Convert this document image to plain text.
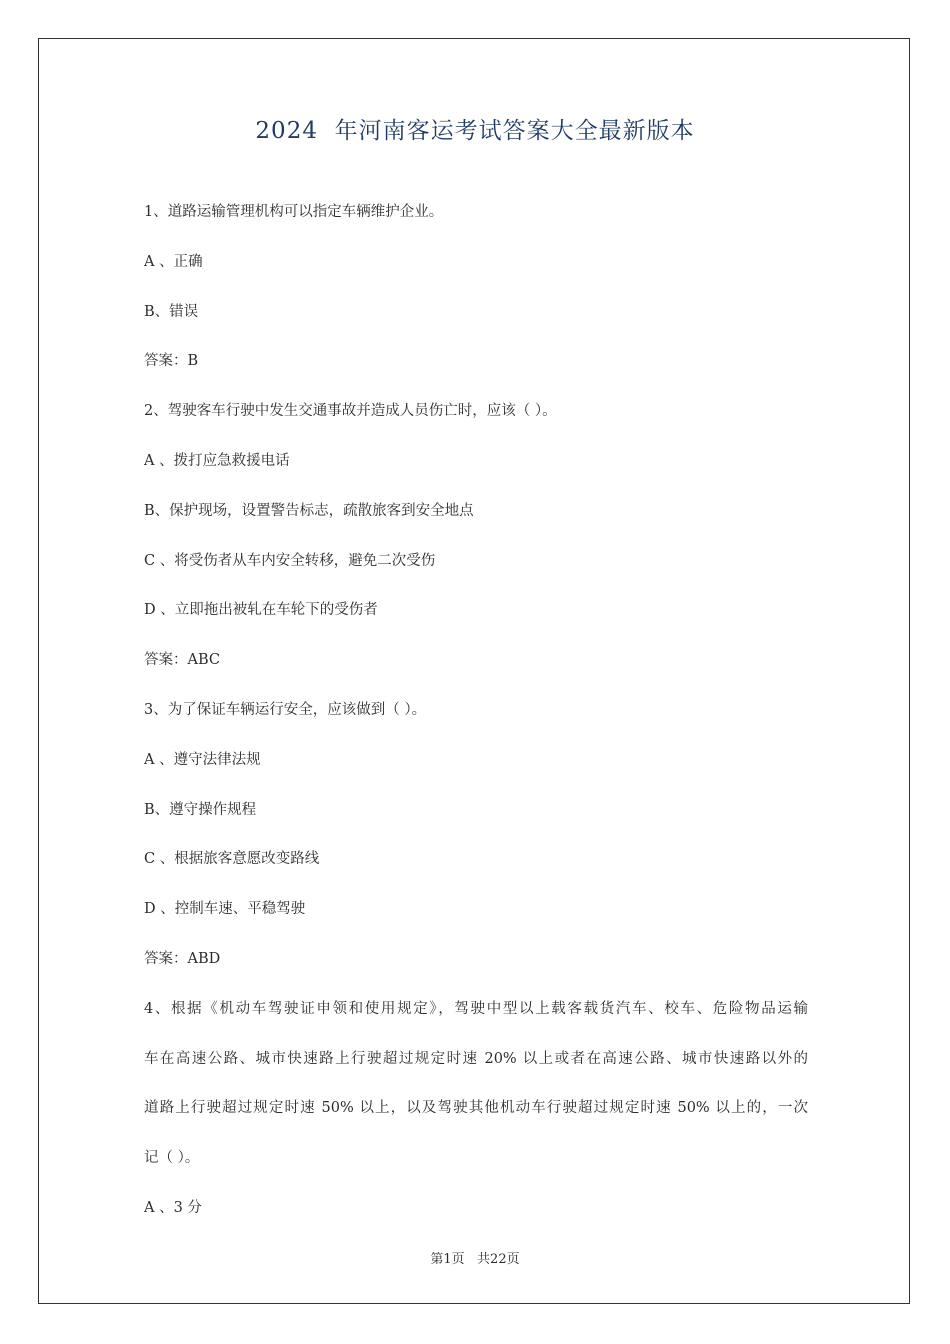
2024  年河南客运考试答案大全最新版本
1、道路运输管理机构可以指定车辆维护企业。
A 、正确
B、错误
答案：B
2、驾驶客车行驶中发生交通事故并造成人员伤亡时，应该（ ）。
A 、拨打应急救援电话
B、保护现场，设置警告标志，疏散旅客到安全地点
C 、将受伤者从车内安全转移，避免二次受伤
D 、立即拖出被轧在车轮下的受伤者
答案：ABC
3、为了保证车辆运行安全，应该做到（ ）。
A 、遵守法律法规
B、遵守操作规程
C 、根据旅客意愿改变路线
D 、控制车速、平稳驾驶
答案：ABD
4、根据《机动车驾驶证申领和使用规定》，驾驶中型以上载客载货汽车、校车、危险物品运输
车在高速公路、城市快速路上行驶超过规定时速 20% 以上或者在高速公路、城市快速路以外的
道路上行驶超过规定时速 50% 以上，以及驾驶其他机动车行驶超过规定时速 50% 以上的，一次
记（ ）。
A 、3 分
第1页   共22页
